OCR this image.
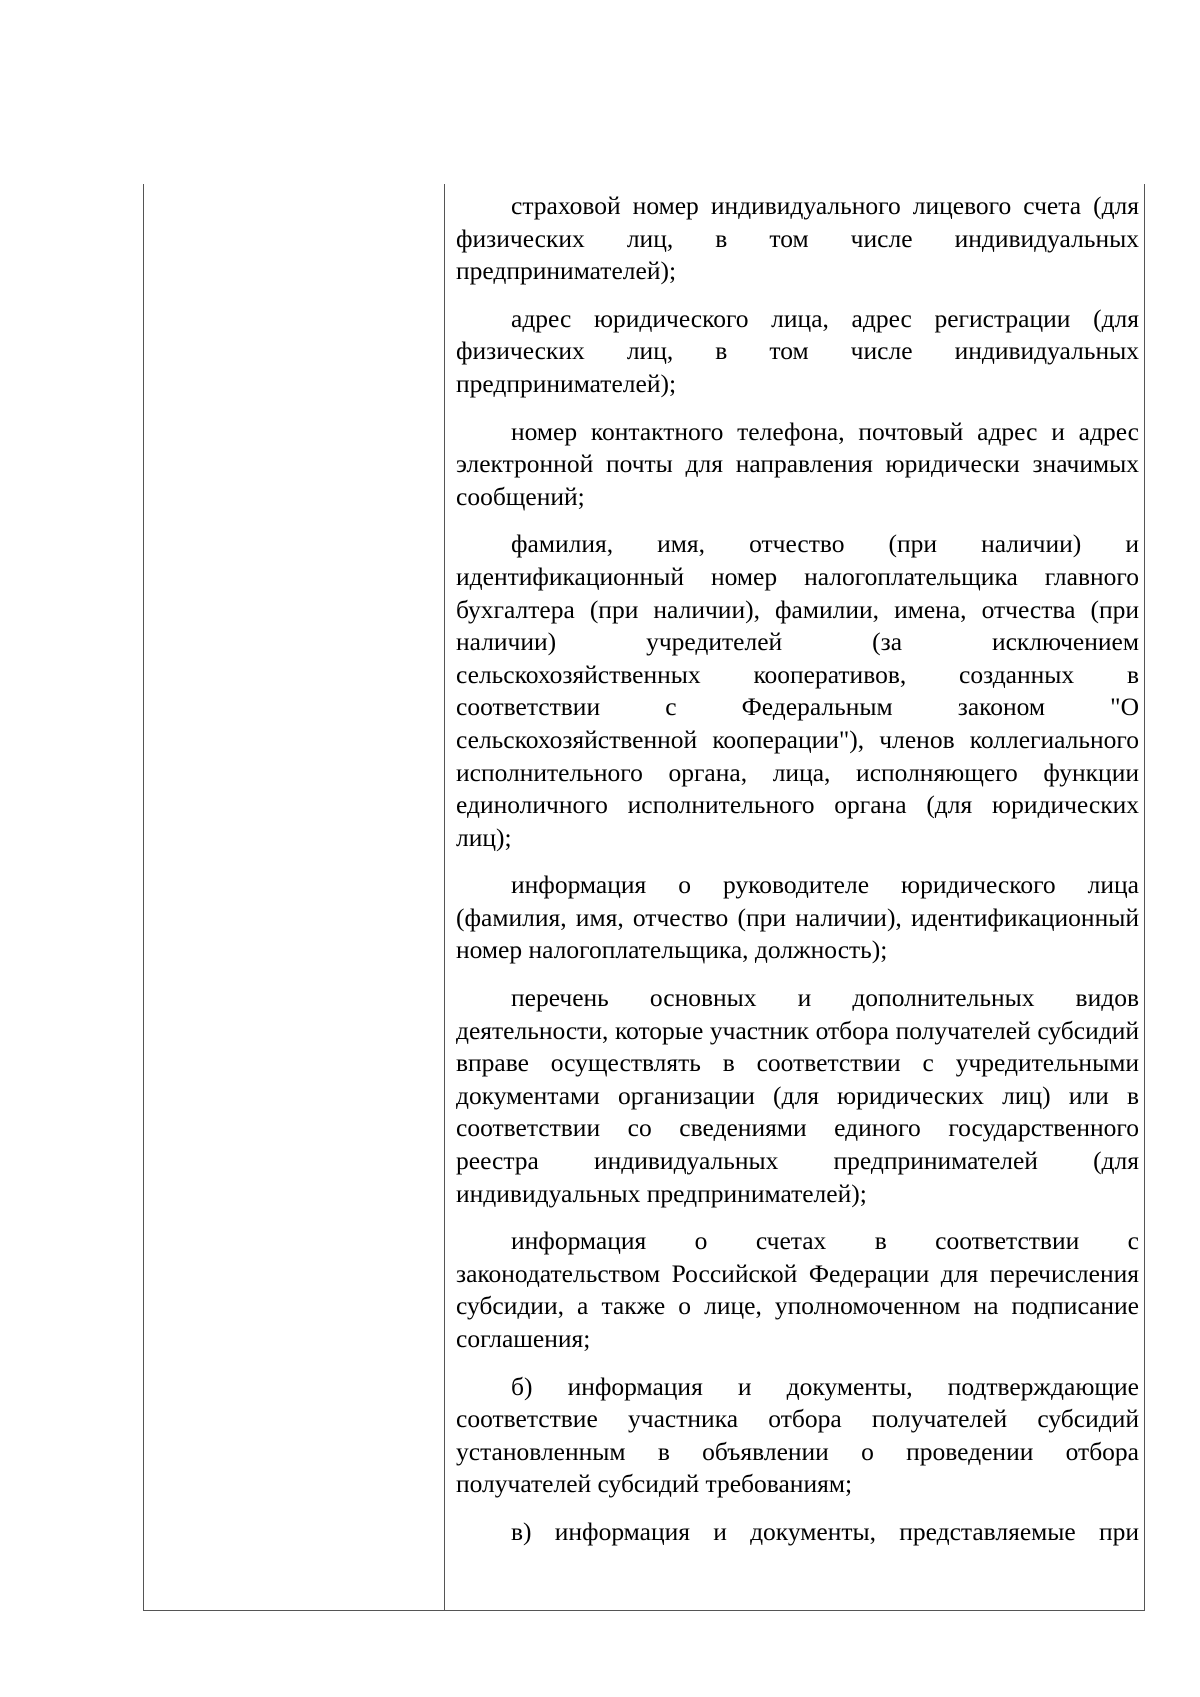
страховой номер индивидуального лицевого счета (для физических лиц, в том числе индивидуальных предпринимателей);

адрес юридического лица, адрес регистрации (для физических лиц, в том числе индивидуальных предпринимателей);

номер контактного телефона, почтовый адрес и адрес электронной почты для направления юридически значимых сообщений;

фамилия, имя, отчество (при наличии) и идентификационный номер налогоплательщика главного бухгалтера (при наличии), фамилии, имена, отчества (при наличии) учредителей (за исключением сельскохозяйственных кооперативов, созданных в соответствии с Федеральным законом "О сельскохозяйственной кооперации"), членов коллегиального исполнительного органа, лица, исполняющего функции единоличного исполнительного органа (для юридических лиц);

информация о руководителе юридического лица (фамилия, имя, отчество (при наличии), идентификационный номер налогоплательщика, должность);

перечень основных и дополнительных видов деятельности, которые участник отбора получателей субсидий вправе осуществлять в соответствии с учредительными документами организации (для юридических лиц) или в соответствии со сведениями единого государственного реестра индивидуальных предпринимателей (для индивидуальных предпринимателей);

информация о счетах в соответствии с законодательством Российской Федерации для перечисления субсидии, а также о лице, уполномоченном на подписание соглашения;

б) информация и документы, подтверждающие соответствие участника отбора получателей субсидий установленным в объявлении о проведении отбора получателей субсидий требованиям;

в) информация и документы, представляемые при
